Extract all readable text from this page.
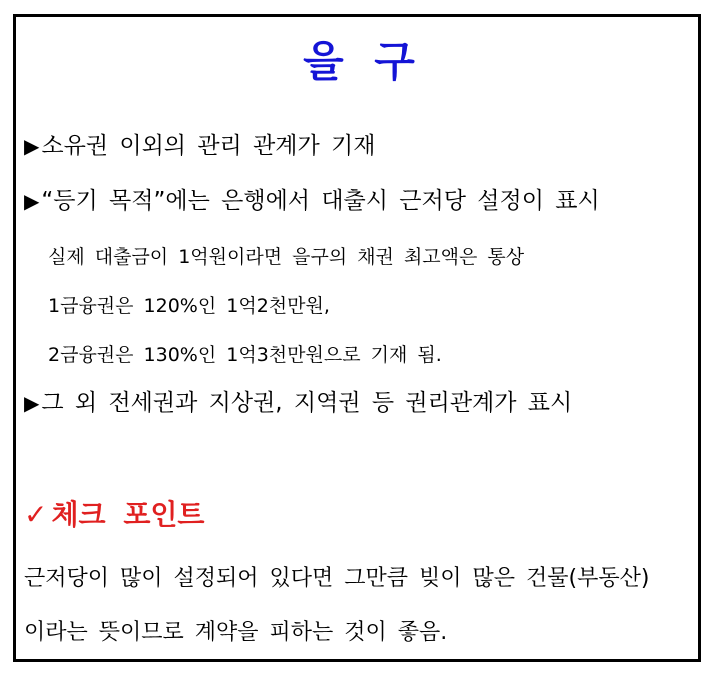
을 구
▶소유권 이외의 관리 관계가 기재
▶“등기 목적”에는 은행에서 대출시 근저당 설정이 표시
실제 대출금이 1억원이라면 을구의 채권 최고액은 통상
1금융권은 120%인 1억2천만원,
2금융권은 130%인 1억3천만원으로 기재 됨.
▶그 외 전세권과 지상권, 지역권 등 권리관계가 표시
✓ 체크 포인트
근저당이 많이 설정되어 있다면 그만큼 빚이 많은 건물(부동산)
이라는 뜻이므로 계약을 피하는 것이 좋음.
